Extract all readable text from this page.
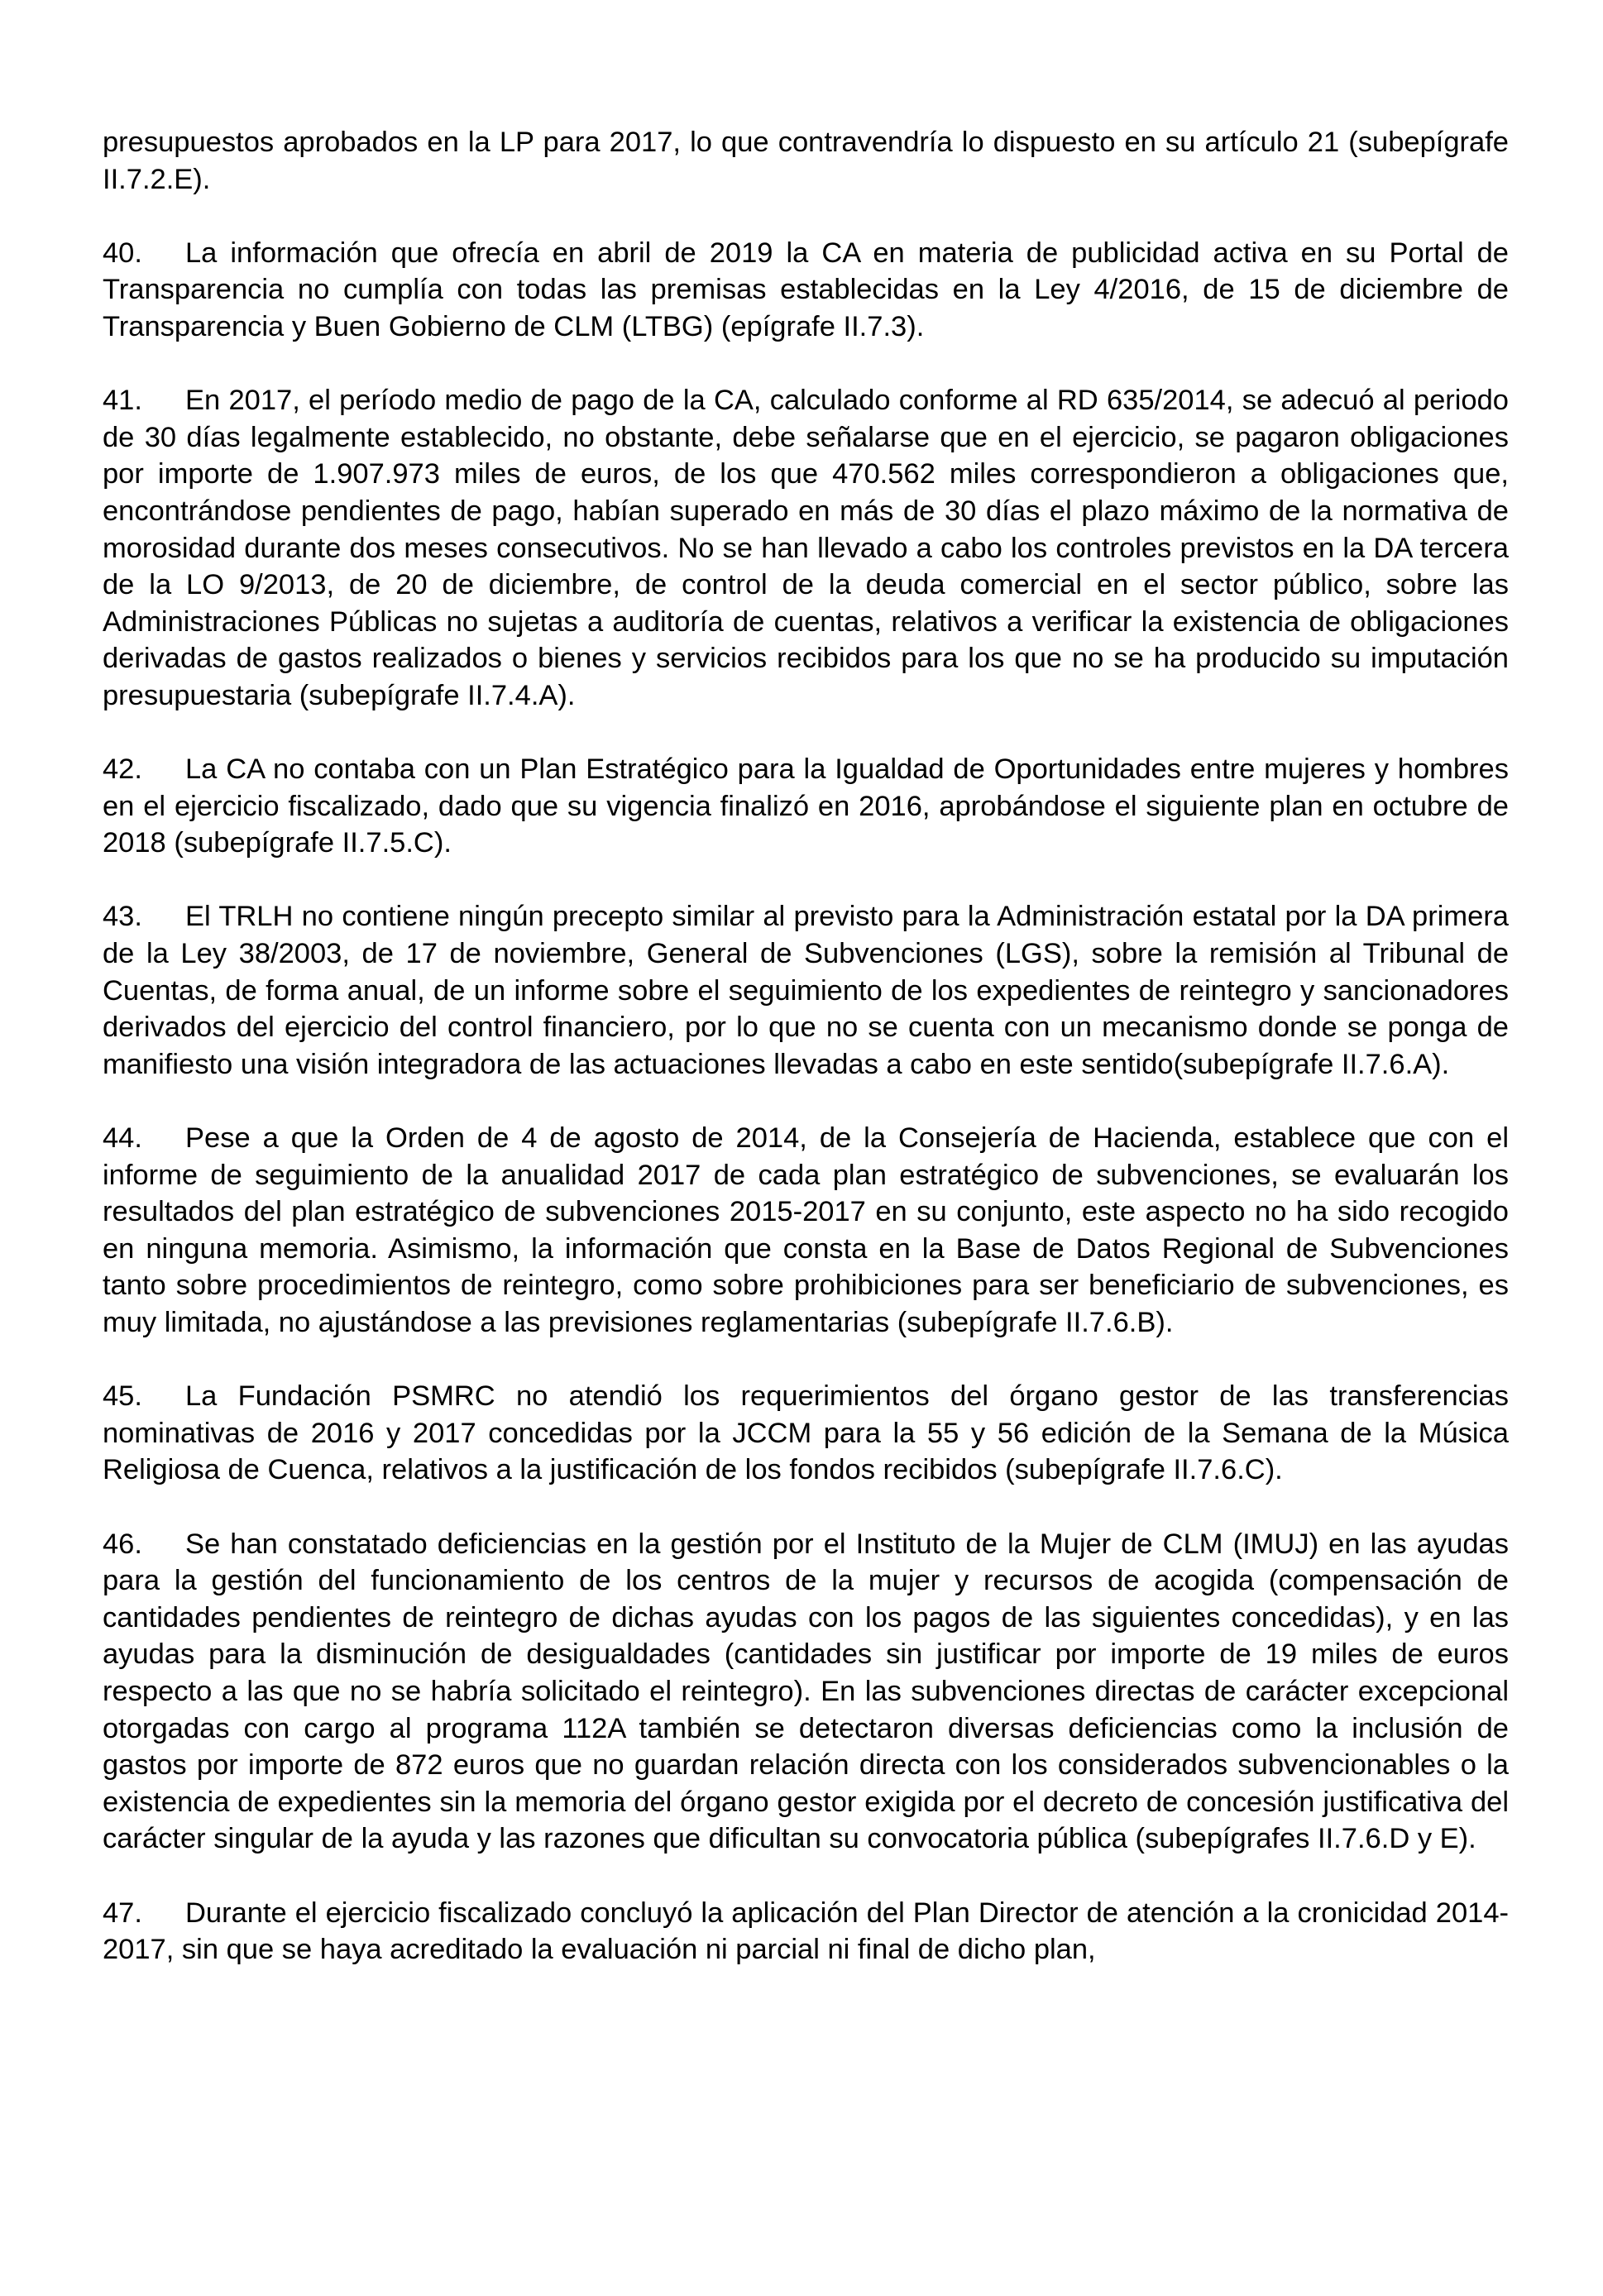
presupuestos aprobados en la LP para 2017, lo que contravendría lo dispuesto en su artículo 21 (subepígrafe II.7.2.E).

40. La información que ofrecía en abril de 2019 la CA en materia de publicidad activa en su Portal de Transparencia no cumplía con todas las premisas establecidas en la Ley 4/2016, de 15 de diciembre de Transparencia y Buen Gobierno de CLM (LTBG) (epígrafe II.7.3).

41. En 2017, el período medio de pago de la CA, calculado conforme al RD 635/2014, se adecuó al periodo de 30 días legalmente establecido, no obstante, debe señalarse que en el ejercicio, se pagaron obligaciones por importe de 1.907.973 miles de euros, de los que 470.562 miles correspondieron a obligaciones que, encontrándose pendientes de pago, habían superado en más de 30 días el plazo máximo de la normativa de morosidad durante dos meses consecutivos. No se han llevado a cabo los controles previstos en la DA tercera de la LO 9/2013, de 20 de diciembre, de control de la deuda comercial en el sector público, sobre las Administraciones Públicas no sujetas a auditoría de cuentas, relativos a verificar la existencia de obligaciones derivadas de gastos realizados o bienes y servicios recibidos para los que no se ha producido su imputación presupuestaria (subepígrafe II.7.4.A).

42. La CA no contaba con un Plan Estratégico para la Igualdad de Oportunidades entre mujeres y hombres en el ejercicio fiscalizado, dado que su vigencia finalizó en 2016, aprobándose el siguiente plan en octubre de 2018 (subepígrafe II.7.5.C).

43. El TRLH no contiene ningún precepto similar al previsto para la Administración estatal por la DA primera de la Ley 38/2003, de 17 de noviembre, General de Subvenciones (LGS), sobre la remisión al Tribunal de Cuentas, de forma anual, de un informe sobre el seguimiento de los expedientes de reintegro y sancionadores derivados del ejercicio del control financiero, por lo que no se cuenta con un mecanismo donde se ponga de manifiesto una visión integradora de las actuaciones llevadas a cabo en este sentido(subepígrafe II.7.6.A).

44. Pese a que la Orden de 4 de agosto de 2014, de la Consejería de Hacienda, establece que con el informe de seguimiento de la anualidad 2017 de cada plan estratégico de subvenciones, se evaluarán los resultados del plan estratégico de subvenciones 2015-2017 en su conjunto, este aspecto no ha sido recogido en ninguna memoria. Asimismo, la información que consta en la Base de Datos Regional de Subvenciones tanto sobre procedimientos de reintegro, como sobre prohibiciones para ser beneficiario de subvenciones, es muy limitada, no ajustándose a las previsiones reglamentarias (subepígrafe II.7.6.B).

45. La Fundación PSMRC no atendió los requerimientos del órgano gestor de las transferencias nominativas de 2016 y 2017 concedidas por la JCCM para la 55 y 56 edición de la Semana de la Música Religiosa de Cuenca, relativos a la justificación de los fondos recibidos (subepígrafe II.7.6.C).

46. Se han constatado deficiencias en la gestión por el Instituto de la Mujer de CLM (IMUJ) en las ayudas para la gestión del funcionamiento de los centros de la mujer y recursos de acogida (compensación de cantidades pendientes de reintegro de dichas ayudas con los pagos de las siguientes concedidas), y en las ayudas para la disminución de desigualdades (cantidades sin justificar por importe de 19 miles de euros respecto a las que no se habría solicitado el reintegro). En las subvenciones directas de carácter excepcional otorgadas con cargo al programa 112A también se detectaron diversas deficiencias como la inclusión de gastos por importe de 872 euros que no guardan relación directa con los considerados subvencionables o la existencia de expedientes sin la memoria del órgano gestor exigida por el decreto de concesión justificativa del carácter singular de la ayuda y las razones que dificultan su convocatoria pública (subepígrafes II.7.6.D y E).

47. Durante el ejercicio fiscalizado concluyó la aplicación del Plan Director de atención a la cronicidad 2014-2017, sin que se haya acreditado la evaluación ni parcial ni final de dicho plan,
